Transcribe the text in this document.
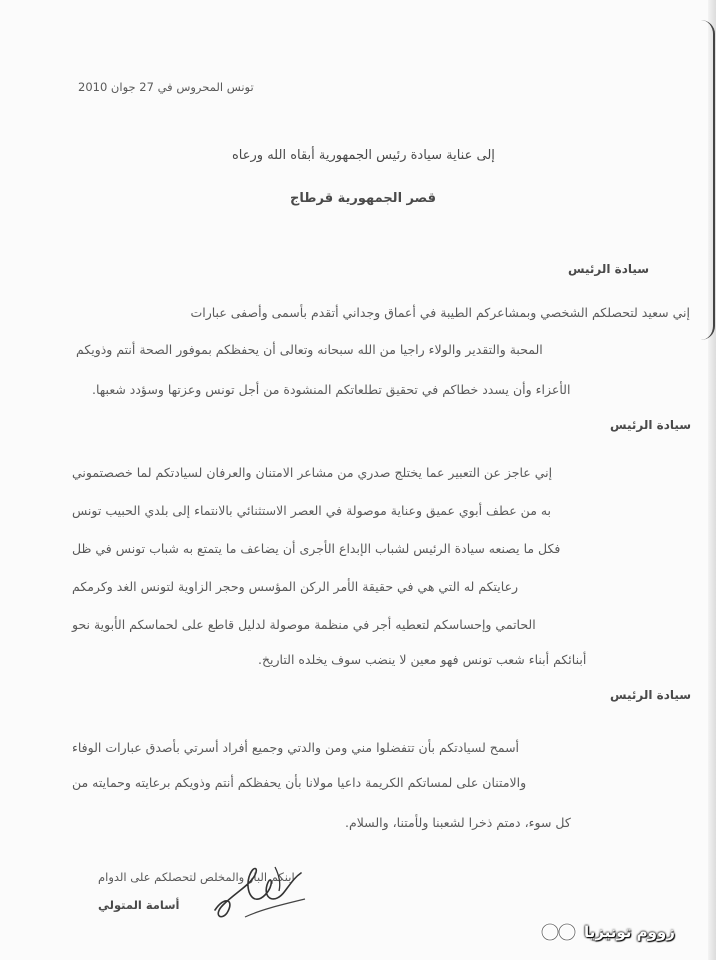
تونس المحروس في 27 جوان 2010
إلى عناية سيادة رئيس الجمهورية أبقاه الله ورعاه
قصر الجمهورية قرطاج
سيادة الرئيس
إني سعيد لتحصلكم الشخصي وبمشاعركم الطيبة في أعماق وجداني أتقدم بأسمى وأصفى عبارات
المحبة والتقدير والولاء راجيا من الله سبحانه وتعالى أن يحفظكم بموفور الصحة أنتم وذويكم
الأعزاء وأن يسدد خطاكم في تحقيق تطلعاتكم المنشودة من أجل تونس وعزتها وسؤدد شعبها.
سيادة الرئيس
إني عاجز عن التعبير عما يختلج صدري من مشاعر الامتنان والعرفان لسيادتكم لما خصصتموني
به من عطف أبوي عميق وعناية موصولة في العصر الاستثنائي بالانتماء إلى بلدي الحبيب تونس
فكل ما يصنعه سيادة الرئيس لشباب الإبداع الأجرى أن يضاعف ما يتمتع به شباب تونس في ظل
رعايتكم له التي هي في حقيقة الأمر الركن المؤسس وحجر الزاوية لتونس الغد وكرمكم
الحاتمي وإحساسكم لتعطيه أجر في منظمة موصولة لدليل قاطع على لحماسكم الأبوية نحو
أبنائكم أبناء شعب تونس فهو معين لا ينضب سوف يخلده التاريخ.
سيادة الرئيس
أسمح لسيادتكم بأن تتفضلوا مني ومن والدتي وجميع أفراد أسرتي بأصدق عبارات الوفاء
والامتنان على لمساتكم الكريمة داعيا مولانا بأن يحفظكم أنتم وذويكم برعايته وحمايته من
كل سوء، دمتم ذخرا لشعبنا ولأمتنا، والسلام.
ابنكم البار والمخلص لتحصلكم على الدوام
أسامة المتولي
زووم تونيزيا
